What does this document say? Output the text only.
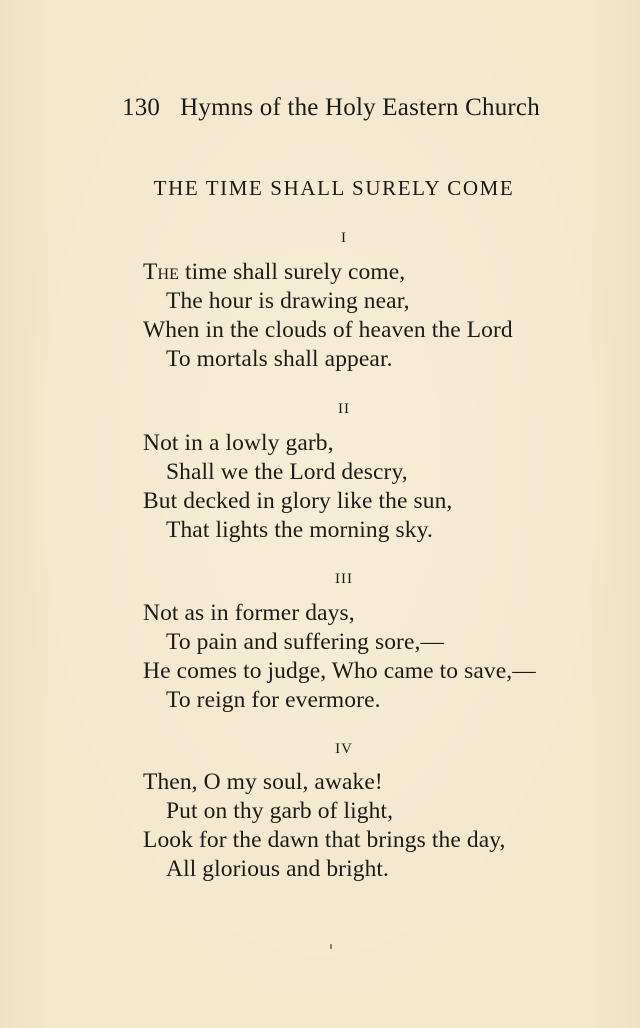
130 Hymns of the Holy Eastern Church
THE TIME SHALL SURELY COME
I
The time shall surely come,
The hour is drawing near,
When in the clouds of heaven the Lord
To mortals shall appear.
II
Not in a lowly garb,
Shall we the Lord descry,
But decked in glory like the sun,
That lights the morning sky.
III
Not as in former days,
To pain and suffering sore,—
He comes to judge, Who came to save,—
To reign for evermore.
IV
Then, O my soul, awake!
Put on thy garb of light,
Look for the dawn that brings the day,
All glorious and bright.
